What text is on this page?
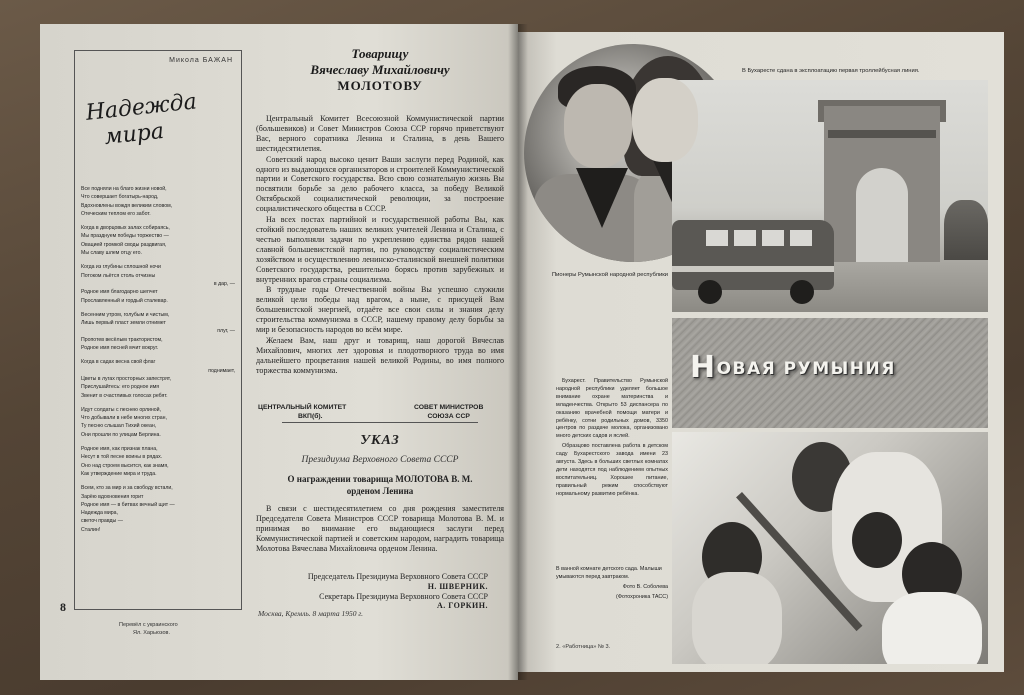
Микола БАЖАН
Надежда
мира
Все подняли на благо жизни новой,
Что совершает богатырь-народ,
Вдохновлены вождя великим словом,
Отеческим теплом его забот.
Когда в дворцовых залах собираясь,
Мы празднуем победы торжество —
Овацией громкой своды раздвигая,
Мы славу шлем отцу его.
Когда из глубины сплошной ночи
Потоком льётся столь отчизны
в дар, —
Родное имя благодарно шепчет
Прославленный и гордый сталевар.
Весенним утром, голубым и чистым,
Лишь первый пласт земли отнимет
плуг, —
Пропотев весёлым трактористом,
Родное имя песней мчит вокруг.
Когда в садах весна свой флаг
поднимает,
Цветы в лугах просторных запестрят,
Прислушайтесь: его родное имя
Звенит в счастливых голосах ребят.
Идут солдаты с песнею орлиной,
Что добывали в небе многих стран,
Ту песню слышал Тихий океан,
Они прошли по улицам Берлина.
Родное имя, как признак плана,
Несут в той песне воины в рядах.
Оно над строем высится, как знамя,
Как утверждение мира и труда.
Всем, кто за мир и за свободу встали,
Зарёю вдохновения горит
Родное имя — в битвах вечный щит —
Надежда мира,
светоч правды —
Сталин!
Перевёл с украинского
Ял. Харьюзов.
8
Товарищу
Вячеславу Михайловичу
МОЛОТОВУ

Центральный Комитет Всесоюзной Коммунистической партии (большевиков) и Совет Министров Союза ССР горячо приветствуют Вас, верного соратника Ленина и Сталина, в день Вашего шестидесятилетия.

Советский народ высоко ценит Ваши заслуги перед Родиной, как одного из выдающихся организаторов и строителей Коммунистической партии и Советского государства. Всю свою сознательную жизнь Вы посвятили борьбе за дело рабочего класса, за победу Великой Октябрьской социалистической революции, за построение социалистического общества в СССР.

На всех постах партийной и государственной работы Вы, как стойкий последователь наших великих учителей Ленина и Сталина, с честью выполняли задачи по укреплению единства рядов нашей славной большевистской партии, по руководству социалистическим хозяйством и осуществлению ленинско-сталинской внешней политики Советского государства, решительно борясь против зарубежных и внутренних врагов страны социализма.

В трудные годы Отечественной войны Вы успешно служили великой цели победы над врагом, а ныне, с присущей Вам большевистской энергией, отдаёте все свои силы и знания делу строительства коммунизма в СССР, нашему правому делу борьбы за мир и безопасность народов во всём мире.

Желаем Вам, наш друг и товарищ, наш дорогой Вячеслав Михайлович, многих лет здоровья и плодотворного труда во имя дальнейшего процветания нашей великой Родины, во имя полного торжества коммунизма.

ЦЕНТРАЛЬНЫЙ КОМИТЕТ
ВКП(б).
СОВЕТ МИНИСТРОВ
СОЮЗА ССР
УКАЗ
Президиума Верховного Совета СССР
О награждении товарища МОЛОТОВА В. М.
орденом Ленина
В связи с шестидесятилетием со дня рождения заместителя Председателя Совета Министров СССР товарища Молотова В. М. и принимая во внимание его выдающиеся заслуги перед Коммунистической партией и советским народом, наградить товарища Молотова Вячеслава Михайловича орденом Ленина.
Председатель Президиума Верховного Совета СССР
Н. ШВЕРНИК.
Секретарь Президиума Верховного Совета СССР
А. ГОРКИН.
Москва, Кремль. 8 марта 1950 г.
Пионеры Румынской народной республики
В Бухаресте сдана в эксплоатацию первая троллейбусная линия.
НОВАЯ РУМЫНИЯ

Бухарест. Правительство Румынской народной республики уделяет большое внимание охране материнства и младенчества. Открыто 53 диспансера по оказанию врачебной помощи матери и ребёнку, сотни родильных домов, 3350 центров по раздаче молока, организовано много детских садов и яслей.

Образцово поставлена работа в детском саду Бухарестского завода имени 23 августа. Здесь в больших светлых комнатах дети находятся под наблюдением опытных воспитательниц. Хорошее питание, правильный режим способствуют нормальному развитию ребёнка.

В ванной комнате детского сада. Малыши умываются перед завтраком.
Фото В. Соболева
(Фотохроника ТАСС)
2. «Работница» № 3.
